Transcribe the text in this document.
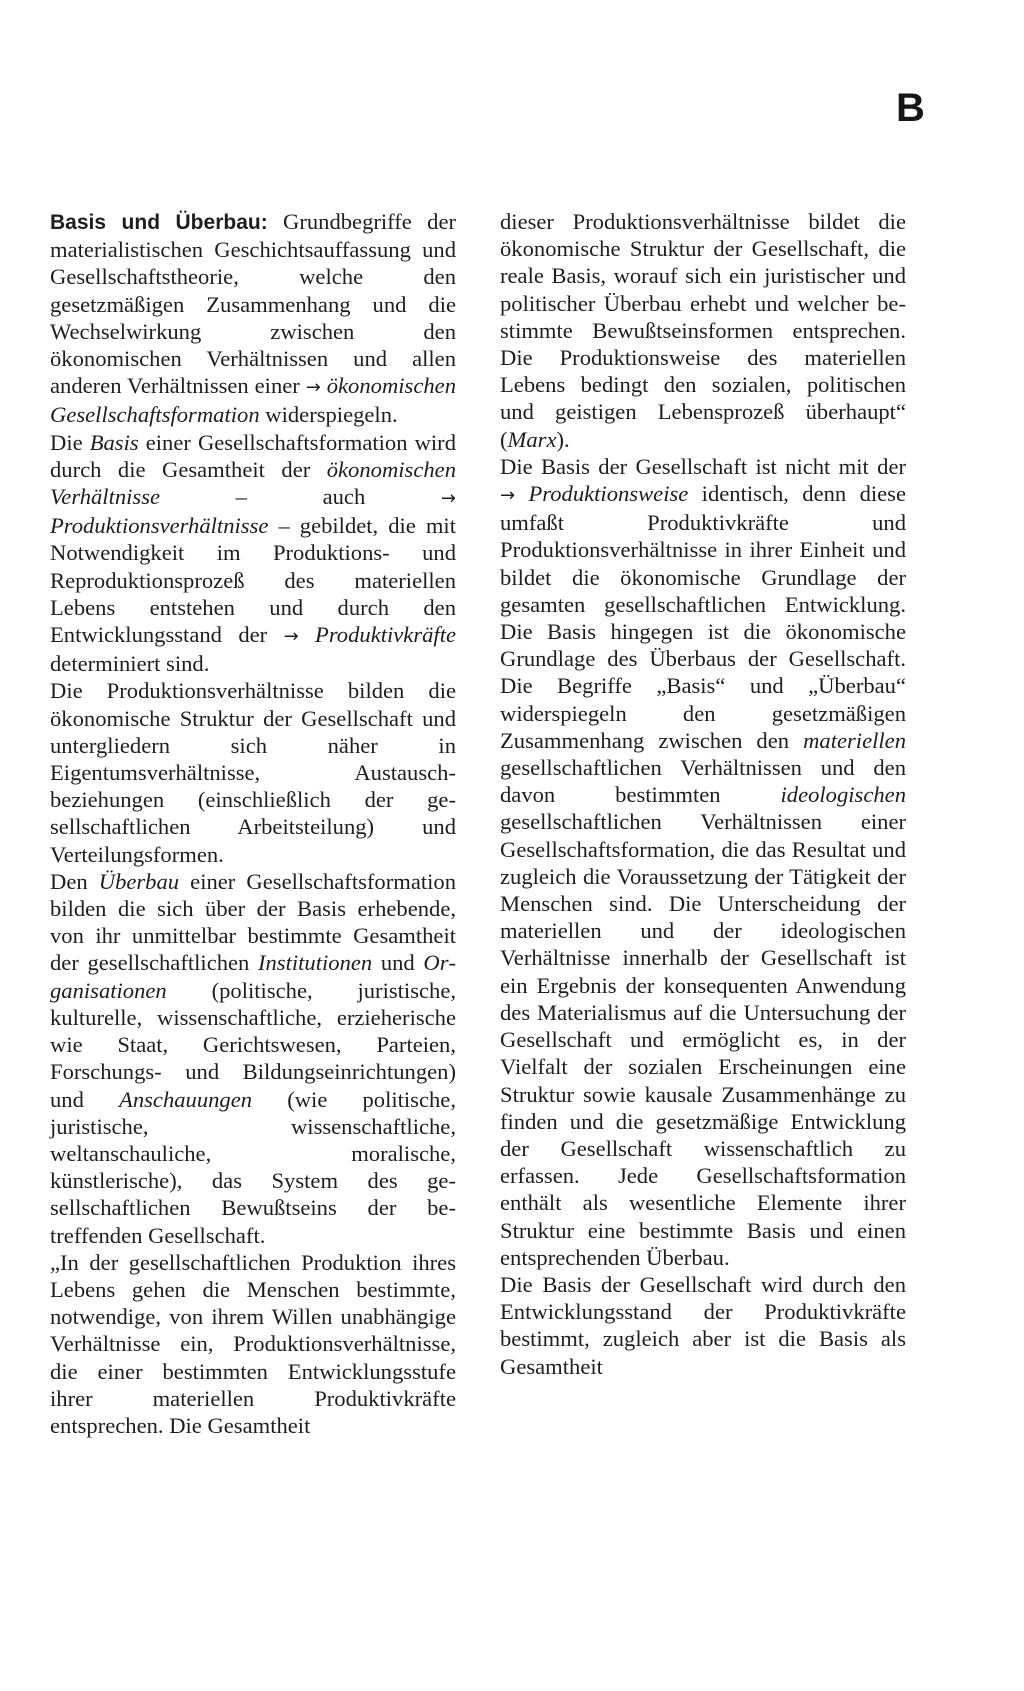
B

Basis und Überbau: Grundbegriffe der materialistischen Geschichtsauffassung und Gesellschaftstheorie, welche den gesetzmäßigen Zusammenhang und die Wechselwirkung zwischen den ökonomischen Verhältnissen und allen anderen Verhältnissen einer → ökonomischen Gesellschaftsformation widerspiegeln.

Die Basis einer Gesellschaftsformation wird durch die Gesamtheit der ökonomischen Verhältnisse – auch → Produktionsverhältnisse – gebildet, die mit Notwendigkeit im Produktions- und Reproduktionsprozeß des materiellen Lebens entstehen und durch den Entwicklungsstand der → Produktivkräfte determiniert sind.

Die Produktionsverhältnisse bilden die ökonomische Struktur der Gesellschaft und untergliedern sich näher in Eigentumsverhältnisse, Austauschbeziehungen (einschließlich der gesellschaftlichen Arbeitsteilung) und Verteilungsformen.

Den Überbau einer Gesellschaftsformation bilden die sich über der Basis erhebende, von ihr unmittelbar bestimmte Gesamtheit der gesellschaftlichen Institutionen und Organisationen (politische, juristische, kulturelle, wissenschaftliche, erzieherische wie Staat, Gerichtswesen, Parteien, Forschungs- und Bildungseinrichtungen) und Anschauungen (wie politische, juristische, wissenschaftliche, weltanschauliche, moralische, künstlerische), das System des gesellschaftlichen Bewußtseins der betreffenden Gesellschaft.

„In der gesellschaftlichen Produktion ihres Lebens gehen die Menschen bestimmte, notwendige, von ihrem Willen unabhängige Verhältnisse ein, Produktionsverhältnisse, die einer bestimmten Entwicklungsstufe ihrer materiellen Produktivkräfte entsprechen. Die Gesamtheit

dieser Produktionsverhältnisse bildet die ökonomische Struktur der Gesellschaft, die reale Basis, worauf sich ein juristischer und politischer Überbau erhebt und welcher bestimmte Bewußtseinsformen entsprechen. Die Produktionsweise des materiellen Lebens bedingt den sozialen, politischen und geistigen Lebensprozeß überhaupt“ (Marx).

Die Basis der Gesellschaft ist nicht mit der → Produktionsweise identisch, denn diese umfaßt Produktivkräfte und Produktionsverhältnisse in ihrer Einheit und bildet die ökonomische Grundlage der gesamten gesellschaftlichen Entwicklung. Die Basis hingegen ist die ökonomische Grundlage des Überbaus der Gesellschaft. Die Begriffe „Basis“ und „Überbau“ widerspiegeln den gesetzmäßigen Zusammenhang zwischen den materiellen gesellschaftlichen Verhältnissen und den davon bestimmten ideologischen gesellschaftlichen Verhältnissen einer Gesellschaftsformation, die das Resultat und zugleich die Voraussetzung der Tätigkeit der Menschen sind. Die Unterscheidung der materiellen und der ideologischen Verhältnisse innerhalb der Gesellschaft ist ein Ergebnis der konsequenten Anwendung des Materialismus auf die Untersuchung der Gesellschaft und ermöglicht es, in der Vielfalt der sozialen Erscheinungen eine Struktur sowie kausale Zusammenhänge zu finden und die gesetzmäßige Entwicklung der Gesellschaft wissenschaftlich zu erfassen. Jede Gesellschaftsformation enthält als wesentliche Elemente ihrer Struktur eine bestimmte Basis und einen entsprechenden Überbau.

Die Basis der Gesellschaft wird durch den Entwicklungsstand der Produktivkräfte bestimmt, zugleich aber ist die Basis als Gesamtheit
